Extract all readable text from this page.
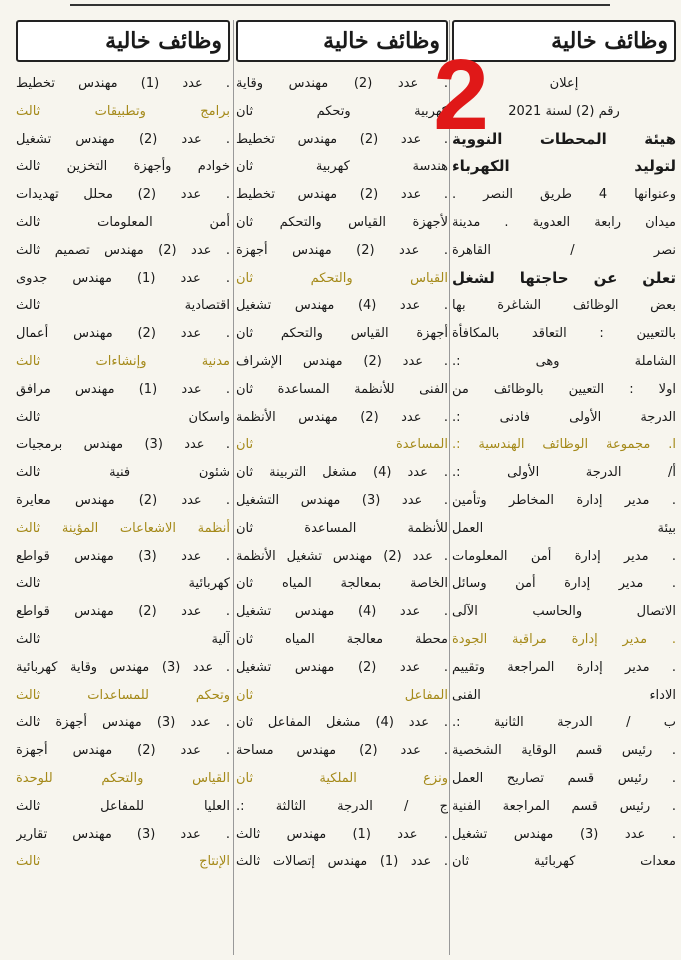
وظائف خالية
إعلان
رقم (2) لسنة 2021
هيئة المحطات النووية
لتوليد الكهرباء
وعنوانها 4 طريق النصر .
ميدان رابعة العدوية . مدينة
نصر / القاهرة
تعلن عن حاجتها لشغل
بعض الوظائف الشاغرة بها
بالتعيين : التعاقد بالمكافأة
الشاملة وهى :.
اولا : التعيين بالوظائف من
الدرجة الأولى فادنى :.
ا. مجموعة الوظائف الهندسية :.
أ/ الدرجة الأولى :.
. مدير إدارة المخاطر وتأمين
بيئة العمل
. مدير إدارة أمن المعلومات
. مدير إدارة أمن وسائل
الاتصال والحاسب الآلى
. مدير إدارة مراقبة الجودة
. مدير إدارة المراجعة وتقييم
الاداء الفنى
ب / الدرجة الثانية :.
. رئيس قسم الوقاية الشخصية
. رئيس قسم تصاريح العمل
. رئيس قسم المراجعة الفنية
. عدد (3) مهندس تشغيل
معدات كهربائية ثان
وظائف خالية
. عدد (2) مهندس وقاية
كهربية وتحكم ثان
. عدد (2) مهندس تخطيط
هندسة كهربية ثان
. عدد (2) مهندس تخطيط
لأجهزة القياس والتحكم ثان
. عدد (2) مهندس أجهزة
القياس والتحكم ثان
. عدد (4) مهندس تشغيل
أجهزة القياس والتحكم ثان
. عدد (2) مهندس الإشراف
الفنى للأنظمة المساعدة ثان
. عدد (2) مهندس الأنظمة
المساعدة ثان
. عدد (4) مشغل التربينة ثان
. عدد (3) مهندس التشغيل
للأنظمة المساعدة ثان
. عدد (2) مهندس تشغيل الأنظمة
الخاصة بمعالجة المياه ثان
. عدد (4) مهندس تشغيل
محطة معالجة المياه ثان
. عدد (2) مهندس تشغيل
المفاعل ثان
. عدد (4) مشغل المفاعل ثان
. عدد (2) مهندس مساحة
ونزع الملكية ثان
ج / الدرجة الثالثة :.
. عدد (1) مهندس ثالث
. عدد (1) مهندس إتصالات ثالث
وظائف خالية
. عدد (1) مهندس تخطيط
برامج وتطبيقات ثالث
. عدد (2) مهندس تشغيل
خوادم وأجهزة التخزين ثالث
. عدد (2) محلل تهديدات
أمن المعلومات ثالث
. عدد (2) مهندس تصميم ثالث
. عدد (1) مهندس جدوى
اقتصادية ثالث
. عدد (2) مهندس أعمال
مدنية وإنشاءات ثالث
. عدد (1) مهندس مرافق
واسكان ثالث
. عدد (3) مهندس برمجيات
شئون فنية ثالث
. عدد (2) مهندس معايرة
أنظمة الاشعاعات المؤينة ثالث
. عدد (3) مهندس قواطع
كهربائية ثالث
. عدد (2) مهندس قواطع
آلية ثالث
. عدد (3) مهندس وقاية كهربائية
وتحكم للمساعدات ثالث
. عدد (3) مهندس أجهزة ثالث
. عدد (2) مهندس أجهزة
القياس والتحكم للوحدة
العليا للمفاعل ثالث
. عدد (3) مهندس تقارير
الإنتاج ثالث
2
